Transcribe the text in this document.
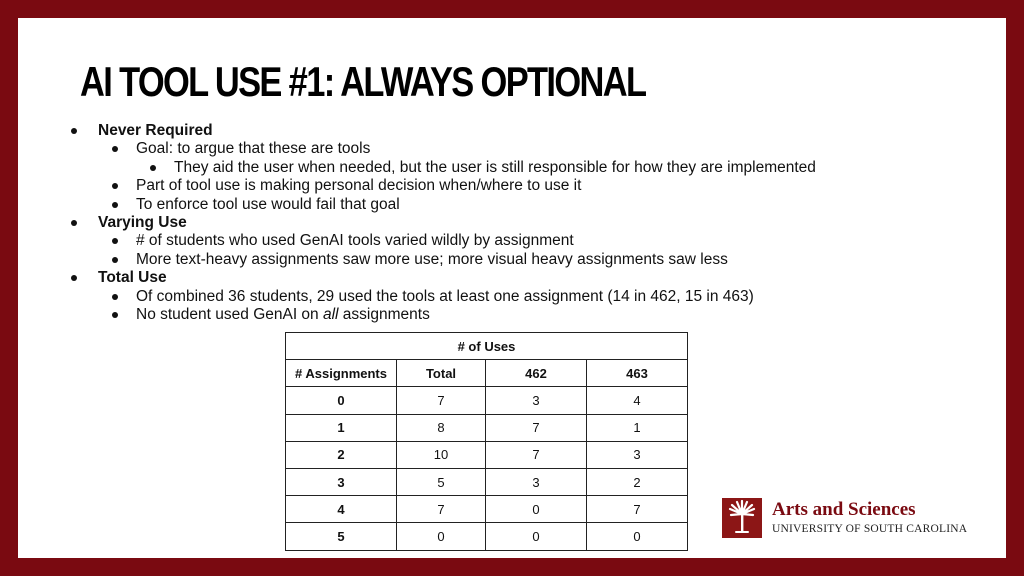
AI TOOL USE #1: ALWAYS OPTIONAL
Never Required
Goal: to argue that these are tools
They aid the user when needed, but the user is still responsible for how they are implemented
Part of tool use is making personal decision when/where to use it
To enforce tool use would fail that goal
Varying Use
# of students who used GenAI tools varied wildly by assignment
More text-heavy assignments saw more use; more visual heavy assignments saw less
Total Use
Of combined 36 students, 29 used the tools at least one assignment (14 in 462, 15 in 463)
No student used GenAI on all assignments
# of Uses			
# Assignments	Total	462	463
0	7	3	4
1	8	7	1
2	10	7	3
3	5	3	2
4	7	0	7
5	0	0	0
Arts and Sciences
UNIVERSITY OF SOUTH CAROLINA
